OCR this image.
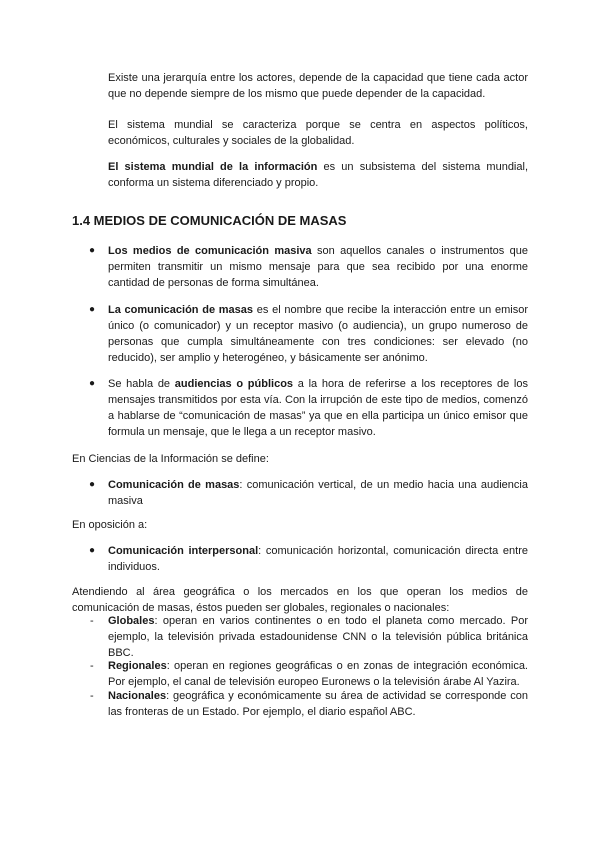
Existe una jerarquía entre los actores, depende de la capacidad que tiene cada actor que no depende siempre de los mismo que puede depender de la capacidad.

El sistema mundial se caracteriza porque se centra en aspectos políticos, económicos, culturales y sociales de la globalidad.

El sistema mundial de la información es un subsistema del sistema mundial, conforma un sistema diferenciado y propio.

1.4 MEDIOS DE COMUNICACIÓN DE MASAS
● Los medios de comunicación masiva son aquellos canales o instrumentos que permiten transmitir un mismo mensaje para que sea recibido por una enorme cantidad de personas de forma simultánea.

● La comunicación de masas es el nombre que recibe la interacción entre un emisor único (o comunicador) y un receptor masivo (o audiencia), un grupo numeroso de personas que cumpla simultáneamente con tres condiciones: ser elevado (no reducido), ser amplio y heterogéneo, y básicamente ser anónimo.

● Se habla de audiencias o públicos a la hora de referirse a los receptores de los mensajes transmitidos por esta vía. Con la irrupción de este tipo de medios, comenzó a hablarse de “comunicación de masas” ya que en ella participa un único emisor que formula un mensaje, que le llega a un receptor masivo.

En Ciencias de la Información se define:

● Comunicación de masas: comunicación vertical, de un medio hacia una audiencia masiva

En oposición a:

● Comunicación interpersonal: comunicación horizontal, comunicación directa entre individuos.

Atendiendo al área geográfica o los mercados en los que operan los medios de comunicación de masas, éstos pueden ser globales, regionales o nacionales:

- Globales: operan en varios continentes o en todo el planeta como mercado. Por ejemplo, la televisión privada estadounidense CNN o la televisión pública británica BBC.

- Regionales: operan en regiones geográficas o en zonas de integración económica. Por ejemplo, el canal de televisión europeo Euronews o la televisión árabe Al Yazira.

- Nacionales: geográfica y económicamente su área de actividad se corresponde con las fronteras de un Estado. Por ejemplo, el diario español ABC.
